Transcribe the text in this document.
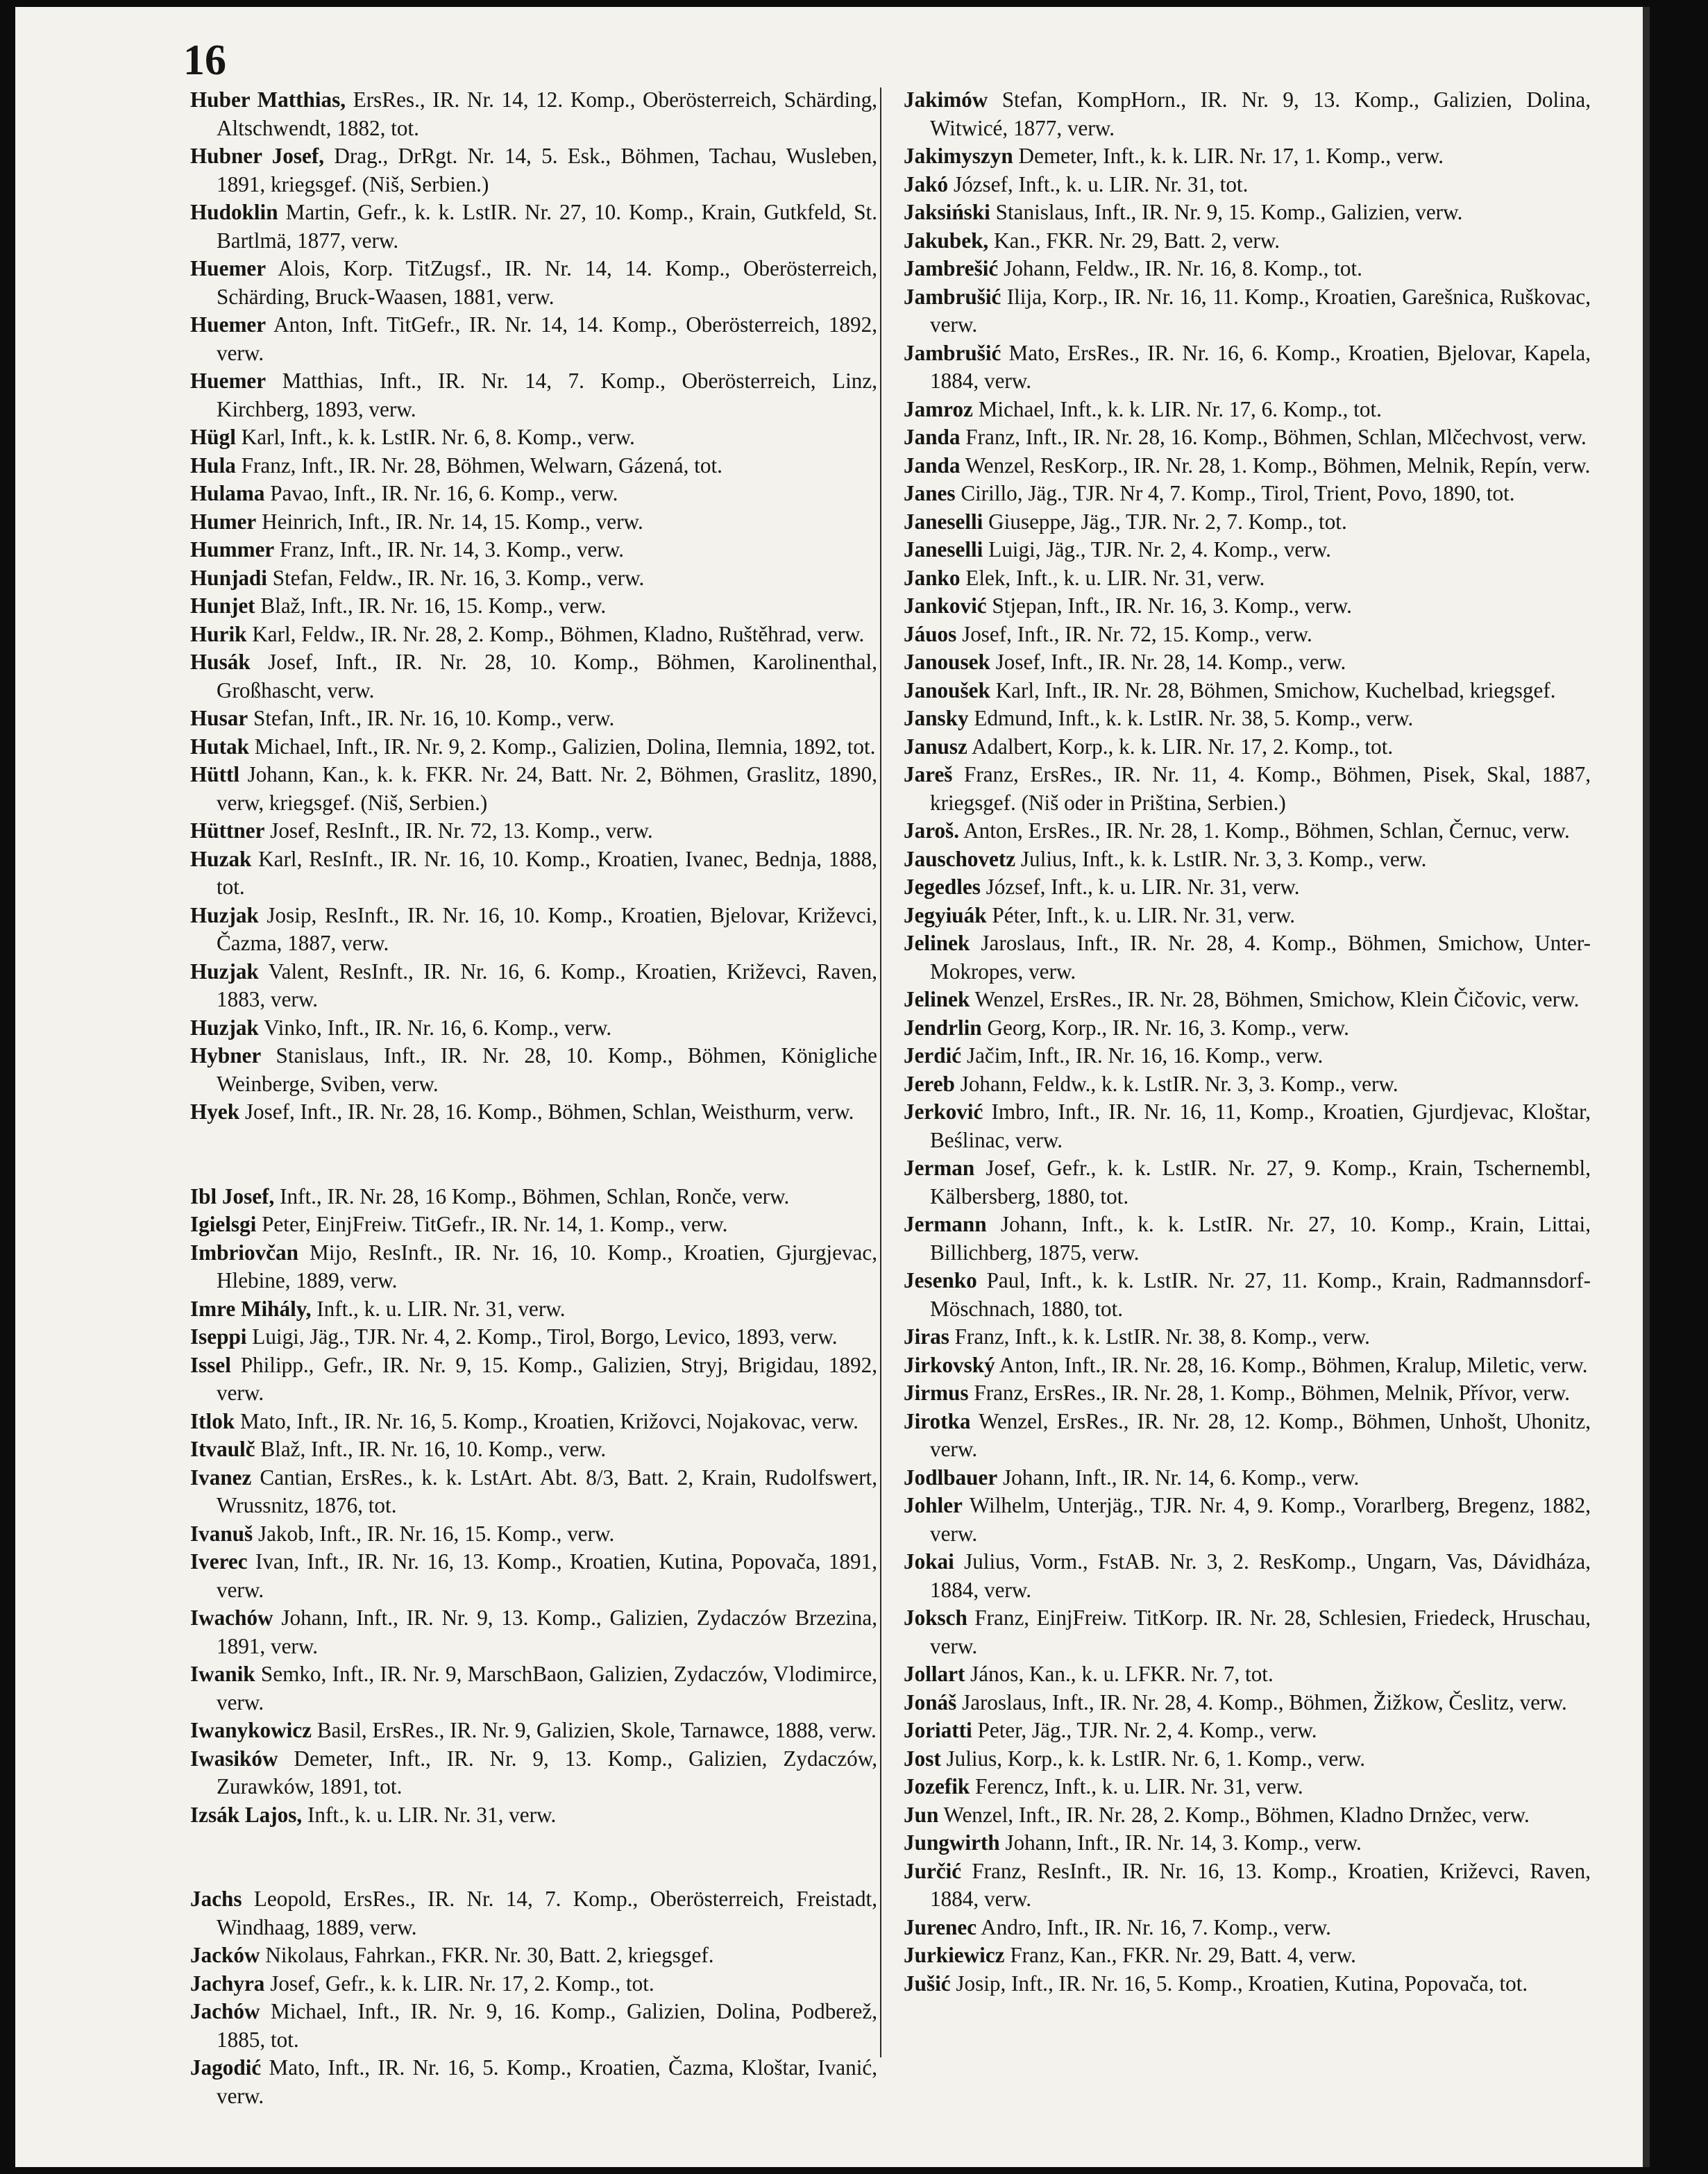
16

Huber Matthias, ErsRes., IR. Nr. 14, 12. Komp., Oberösterreich, Schärding, Altschwendt, 1882, tot.

Hubner Josef, Drag., DrRgt. Nr. 14, 5. Esk., Böhmen, Tachau, Wusleben, 1891, kriegsgef. (Niš, Serbien.)

Hudoklin Martin, Gefr., k. k. LstIR. Nr. 27, 10. Komp., Krain, Gutkfeld, St. Bartlmä, 1877, verw.

Huemer Alois, Korp. TitZugsf., IR. Nr. 14, 14. Komp., Oberösterreich, Schärding, Bruck-Waasen, 1881, verw.

Huemer Anton, Inft. TitGefr., IR. Nr. 14, 14. Komp., Oberösterreich, 1892, verw.

Huemer Matthias, Inft., IR. Nr. 14, 7. Komp., Oberösterreich, Linz, Kirchberg, 1893, verw.

Hügl Karl, Inft., k. k. LstIR. Nr. 6, 8. Komp., verw.

Hula Franz, Inft., IR. Nr. 28, Böhmen, Welwarn, Gázená, tot.

Hulama Pavao, Inft., IR. Nr. 16, 6. Komp., verw.

Humer Heinrich, Inft., IR. Nr. 14, 15. Komp., verw.

Hummer Franz, Inft., IR. Nr. 14, 3. Komp., verw.

Hunjadi Stefan, Feldw., IR. Nr. 16, 3. Komp., verw.

Hunjet Blaž, Inft., IR. Nr. 16, 15. Komp., verw.

Hurik Karl, Feldw., IR. Nr. 28, 2. Komp., Böhmen, Kladno, Ruštěhrad, verw.

Husák Josef, Inft., IR. Nr. 28, 10. Komp., Böhmen, Karolinenthal, Großhascht, verw.

Husar Stefan, Inft., IR. Nr. 16, 10. Komp., verw.

Hutak Michael, Inft., IR. Nr. 9, 2. Komp., Galizien, Dolina, Ilemnia, 1892, tot.

Hüttl Johann, Kan., k. k. FKR. Nr. 24, Batt. Nr. 2, Böhmen, Graslitz, 1890, verw, kriegsgef. (Niš, Serbien.)

Hüttner Josef, ResInft., IR. Nr. 72, 13. Komp., verw.

Huzak Karl, ResInft., IR. Nr. 16, 10. Komp., Kroatien, Ivanec, Bednja, 1888, tot.

Huzjak Josip, ResInft., IR. Nr. 16, 10. Komp., Kroatien, Bjelovar, Križevci, Čazma, 1887, verw.

Huzjak Valent, ResInft., IR. Nr. 16, 6. Komp., Kroatien, Križevci, Raven, 1883, verw.

Huzjak Vinko, Inft., IR. Nr. 16, 6. Komp., verw.

Hybner Stanislaus, Inft., IR. Nr. 28, 10. Komp., Böhmen, Königliche Weinberge, Sviben, verw.

Hyek Josef, Inft., IR. Nr. 28, 16. Komp., Böhmen, Schlan, Weisthurm, verw.

Ibl Josef, Inft., IR. Nr. 28, 16 Komp., Böhmen, Schlan, Ronče, verw.

Igielsgi Peter, EinjFreiw. TitGefr., IR. Nr. 14, 1. Komp., verw.

Imbriovčan Mijo, ResInft., IR. Nr. 16, 10. Komp., Kroatien, Gjurgjevac, Hlebine, 1889, verw.

Imre Mihály, Inft., k. u. LIR. Nr. 31, verw.

Iseppi Luigi, Jäg., TJR. Nr. 4, 2. Komp., Tirol, Borgo, Levico, 1893, verw.

Issel Philipp., Gefr., IR. Nr. 9, 15. Komp., Galizien, Stryj, Brigidau, 1892, verw.

Itlok Mato, Inft., IR. Nr. 16, 5. Komp., Kroatien, Križovci, Nojakovac, verw.

Itvaulč Blaž, Inft., IR. Nr. 16, 10. Komp., verw.

Ivanez Cantian, ErsRes., k. k. LstArt. Abt. 8/3, Batt. 2, Krain, Rudolfswert, Wrussnitz, 1876, tot.

Ivanuš Jakob, Inft., IR. Nr. 16, 15. Komp., verw.

Iverec Ivan, Inft., IR. Nr. 16, 13. Komp., Kroatien, Kutina, Popovača, 1891, verw.

Iwachów Johann, Inft., IR. Nr. 9, 13. Komp., Galizien, Zydaczów Brzezina, 1891, verw.

Iwanik Semko, Inft., IR. Nr. 9, MarschBaon, Galizien, Zydaczów, Vlodimirce, verw.

Iwanykowicz Basil, ErsRes., IR. Nr. 9, Galizien, Skole, Tarnawce, 1888, verw.

Iwasików Demeter, Inft., IR. Nr. 9, 13. Komp., Galizien, Zydaczów, Zurawków, 1891, tot.

Izsák Lajos, Inft., k. u. LIR. Nr. 31, verw.

Jachs Leopold, ErsRes., IR. Nr. 14, 7. Komp., Oberösterreich, Freistadt, Windhaag, 1889, verw.

Jacków Nikolaus, Fahrkan., FKR. Nr. 30, Batt. 2, kriegsgef.

Jachyra Josef, Gefr., k. k. LIR. Nr. 17, 2. Komp., tot.

Jachów Michael, Inft., IR. Nr. 9, 16. Komp., Galizien, Dolina, Podberež, 1885, tot.

Jagodić Mato, Inft., IR. Nr. 16, 5. Komp., Kroatien, Čazma, Kloštar, Ivanić, verw.

Jakimów Stefan, KompHorn., IR. Nr. 9, 13. Komp., Galizien, Dolina, Witwicé, 1877, verw.

Jakimyszyn Demeter, Inft., k. k. LIR. Nr. 17, 1. Komp., verw.

Jakó József, Inft., k. u. LIR. Nr. 31, tot.

Jaksiński Stanislaus, Inft., IR. Nr. 9, 15. Komp., Galizien, verw.

Jakubek, Kan., FKR. Nr. 29, Batt. 2, verw.

Jambrešić Johann, Feldw., IR. Nr. 16, 8. Komp., tot.

Jambrušić Ilija, Korp., IR. Nr. 16, 11. Komp., Kroatien, Garešnica, Ruškovac, verw.

Jambrušić Mato, ErsRes., IR. Nr. 16, 6. Komp., Kroatien, Bjelovar, Kapela, 1884, verw.

Jamroz Michael, Inft., k. k. LIR. Nr. 17, 6. Komp., tot.

Janda Franz, Inft., IR. Nr. 28, 16. Komp., Böhmen, Schlan, Mlčechvost, verw.

Janda Wenzel, ResKorp., IR. Nr. 28, 1. Komp., Böhmen, Melnik, Repín, verw.

Janes Cirillo, Jäg., TJR. Nr 4, 7. Komp., Tirol, Trient, Povo, 1890, tot.

Janeselli Giuseppe, Jäg., TJR. Nr. 2, 7. Komp., tot.

Janeselli Luigi, Jäg., TJR. Nr. 2, 4. Komp., verw.

Janko Elek, Inft., k. u. LIR. Nr. 31, verw.

Janković Stjepan, Inft., IR. Nr. 16, 3. Komp., verw.

Jáuos Josef, Inft., IR. Nr. 72, 15. Komp., verw.

Janousek Josef, Inft., IR. Nr. 28, 14. Komp., verw.

Janoušek Karl, Inft., IR. Nr. 28, Böhmen, Smichow, Kuchelbad, kriegsgef.

Jansky Edmund, Inft., k. k. LstIR. Nr. 38, 5. Komp., verw.

Janusz Adalbert, Korp., k. k. LIR. Nr. 17, 2. Komp., tot.

Jareš Franz, ErsRes., IR. Nr. 11, 4. Komp., Böhmen, Pisek, Skal, 1887, kriegsgef. (Niš oder in Priština, Serbien.)

Jaroš. Anton, ErsRes., IR. Nr. 28, 1. Komp., Böhmen, Schlan, Černuc, verw.

Jauschovetz Julius, Inft., k. k. LstIR. Nr. 3, 3. Komp., verw.

Jegedles József, Inft., k. u. LIR. Nr. 31, verw.

Jegyiuák Péter, Inft., k. u. LIR. Nr. 31, verw.

Jelinek Jaroslaus, Inft., IR. Nr. 28, 4. Komp., Böhmen, Smichow, Unter-Mokropes, verw.

Jelinek Wenzel, ErsRes., IR. Nr. 28, Böhmen, Smichow, Klein Čičovic, verw.

Jendrlin Georg, Korp., IR. Nr. 16, 3. Komp., verw.

Jerdić Jačim, Inft., IR. Nr. 16, 16. Komp., verw.

Jereb Johann, Feldw., k. k. LstIR. Nr. 3, 3. Komp., verw.

Jerković Imbro, Inft., IR. Nr. 16, 11, Komp., Kroatien, Gjurdjevac, Kloštar, Beślinac, verw.

Jerman Josef, Gefr., k. k. LstIR. Nr. 27, 9. Komp., Krain, Tschernembl, Kälbersberg, 1880, tot.

Jermann Johann, Inft., k. k. LstIR. Nr. 27, 10. Komp., Krain, Littai, Billichberg, 1875, verw.

Jesenko Paul, Inft., k. k. LstIR. Nr. 27, 11. Komp., Krain, Radmannsdorf-Möschnach, 1880, tot.

Jiras Franz, Inft., k. k. LstIR. Nr. 38, 8. Komp., verw.

Jirkovský Anton, Inft., IR. Nr. 28, 16. Komp., Böhmen, Kralup, Miletic, verw.

Jirmus Franz, ErsRes., IR. Nr. 28, 1. Komp., Böhmen, Melnik, Přívor, verw.

Jirotka Wenzel, ErsRes., IR. Nr. 28, 12. Komp., Böhmen, Unhošt, Uhonitz, verw.

Jodlbauer Johann, Inft., IR. Nr. 14, 6. Komp., verw.

Johler Wilhelm, Unterjäg., TJR. Nr. 4, 9. Komp., Vorarlberg, Bregenz, 1882, verw.

Jokai Julius, Vorm., FstAB. Nr. 3, 2. ResKomp., Ungarn, Vas, Dávidháza, 1884, verw.

Joksch Franz, EinjFreiw. TitKorp. IR. Nr. 28, Schlesien, Friedeck, Hruschau, verw.

Jollart János, Kan., k. u. LFKR. Nr. 7, tot.

Jonáš Jaroslaus, Inft., IR. Nr. 28, 4. Komp., Böhmen, Žižkow, Česlitz, verw.

Joriatti Peter, Jäg., TJR. Nr. 2, 4. Komp., verw.

Jost Julius, Korp., k. k. LstIR. Nr. 6, 1. Komp., verw.

Jozefik Ferencz, Inft., k. u. LIR. Nr. 31, verw.

Jun Wenzel, Inft., IR. Nr. 28, 2. Komp., Böhmen, Kladno Drnžec, verw.

Jungwirth Johann, Inft., IR. Nr. 14, 3. Komp., verw.

Jurčić Franz, ResInft., IR. Nr. 16, 13. Komp., Kroatien, Križevci, Raven, 1884, verw.

Jurenec Andro, Inft., IR. Nr. 16, 7. Komp., verw.

Jurkiewicz Franz, Kan., FKR. Nr. 29, Batt. 4, verw.

Jušić Josip, Inft., IR. Nr. 16, 5. Komp., Kroatien, Kutina, Popovača, tot.
